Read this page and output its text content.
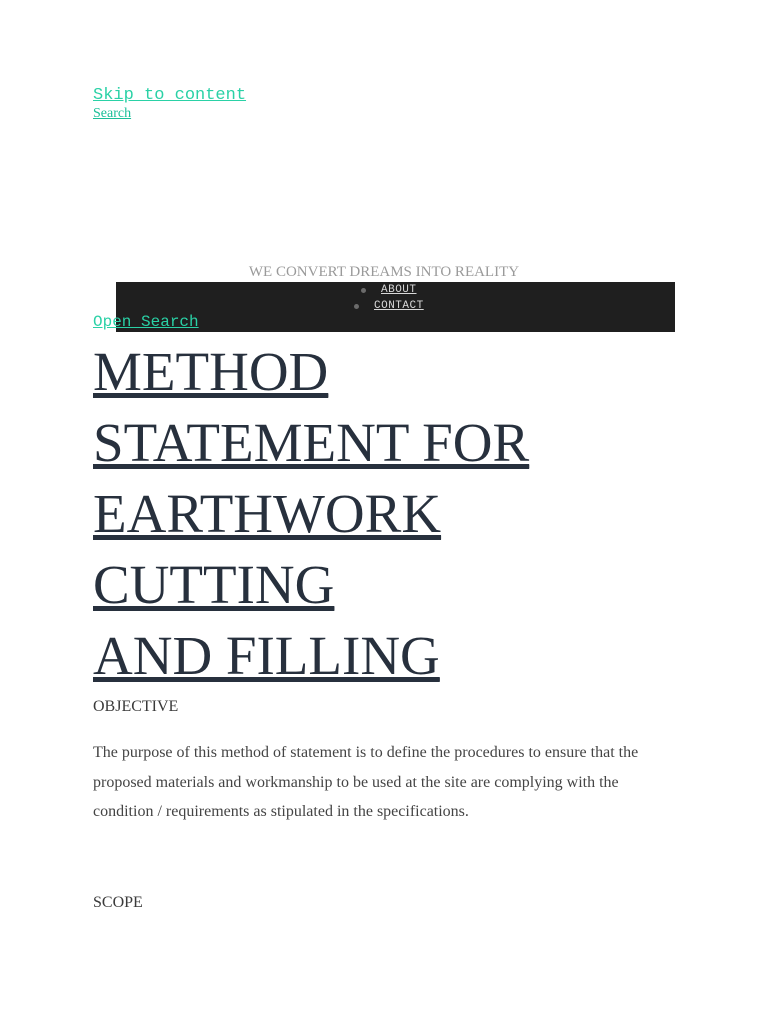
Skip to content
Search
WE CONVERT DREAMS INTO REALITY
ABOUT
CONTACT
Open Search
METHOD
STATEMENT FOR
EARTHWORK
CUTTING
AND FILLING
OBJECTIVE

The purpose of this method of statement is to define the procedures to ensure that the proposed materials and workmanship to be used at the site are complying with the condition / requirements as stipulated in the specifications.

SCOPE
